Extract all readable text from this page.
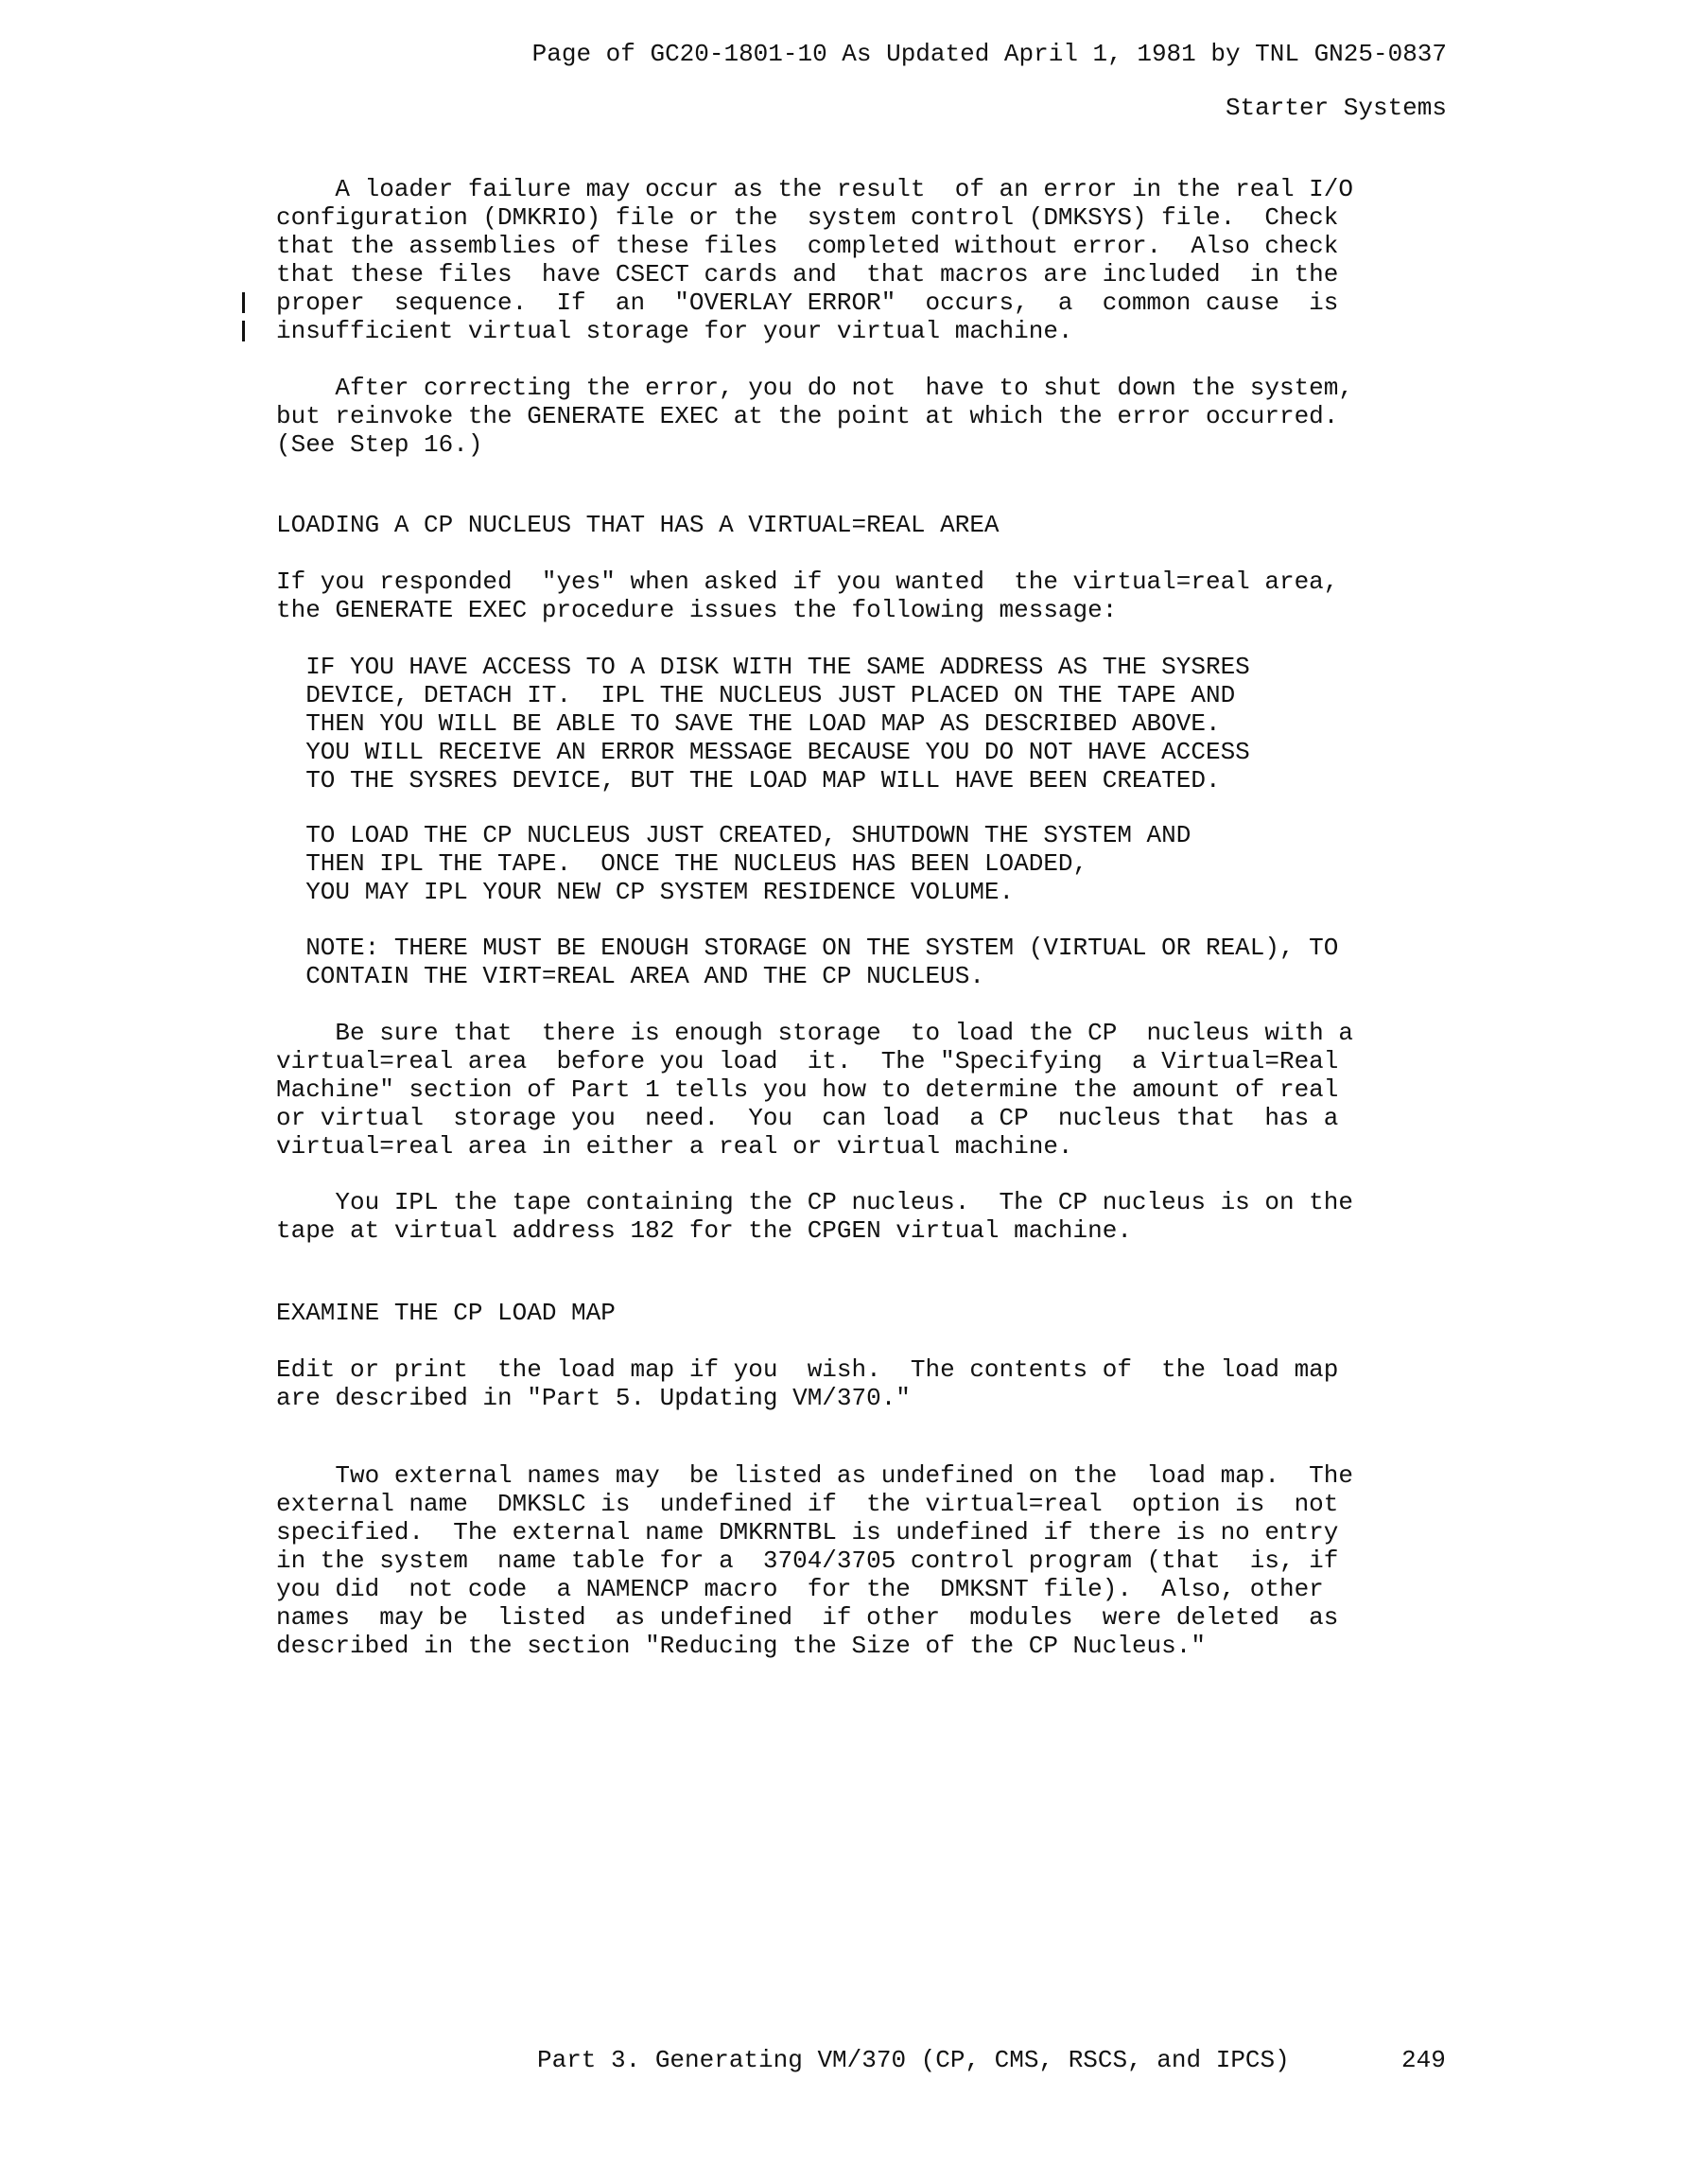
Page of GC20-1801-10 As Updated April 1, 1981 by TNL GN25-0837
Starter Systems
A loader failure may occur as the result  of an error in the real I/O
configuration (DMKRIO) file or the  system control (DMKSYS) file.  Check
that the assemblies of these files  completed without error.  Also check
that these files  have CSECT cards and  that macros are included  in the
proper  sequence.  If  an  "OVERLAY ERROR"  occurs,  a  common cause  is
insufficient virtual storage for your virtual machine.
After correcting the error, you do not  have to shut down the system,
but reinvoke the GENERATE EXEC at the point at which the error occurred.
(See Step 16.)
LOADING A CP NUCLEUS THAT HAS A VIRTUAL=REAL AREA
If you responded  "yes" when asked if you wanted  the virtual=real area,
the GENERATE EXEC procedure issues the following message:
IF YOU HAVE ACCESS TO A DISK WITH THE SAME ADDRESS AS THE SYSRES
DEVICE, DETACH IT.  IPL THE NUCLEUS JUST PLACED ON THE TAPE AND
THEN YOU WILL BE ABLE TO SAVE THE LOAD MAP AS DESCRIBED ABOVE.
YOU WILL RECEIVE AN ERROR MESSAGE BECAUSE YOU DO NOT HAVE ACCESS
TO THE SYSRES DEVICE, BUT THE LOAD MAP WILL HAVE BEEN CREATED.
TO LOAD THE CP NUCLEUS JUST CREATED, SHUTDOWN THE SYSTEM AND
THEN IPL THE TAPE.  ONCE THE NUCLEUS HAS BEEN LOADED,
YOU MAY IPL YOUR NEW CP SYSTEM RESIDENCE VOLUME.
NOTE: THERE MUST BE ENOUGH STORAGE ON THE SYSTEM (VIRTUAL OR REAL), TO
CONTAIN THE VIRT=REAL AREA AND THE CP NUCLEUS.
Be sure that  there is enough storage  to load the CP  nucleus with a
virtual=real area  before you load  it.  The "Specifying  a Virtual=Real
Machine" section of Part 1 tells you how to determine the amount of real
or virtual  storage you  need.  You  can load  a CP  nucleus that  has a
virtual=real area in either a real or virtual machine.
You IPL the tape containing the CP nucleus.  The CP nucleus is on the
tape at virtual address 182 for the CPGEN virtual machine.
EXAMINE THE CP LOAD MAP
Edit or print  the load map if you  wish.  The contents of  the load map
are described in "Part 5. Updating VM/370."
Two external names may  be listed as undefined on the  load map.  The
external name  DMKSLC is  undefined if  the virtual=real  option is  not
specified.  The external name DMKRNTBL is undefined if there is no entry
in the system  name table for a  3704/3705 control program (that  is, if
you did  not code  a NAMENCP macro  for the  DMKSNT file).  Also, other
names  may be  listed  as undefined  if other  modules  were deleted  as
described in the section "Reducing the Size of the CP Nucleus."
Part 3. Generating VM/370 (CP, CMS, RSCS, and IPCS)	249
